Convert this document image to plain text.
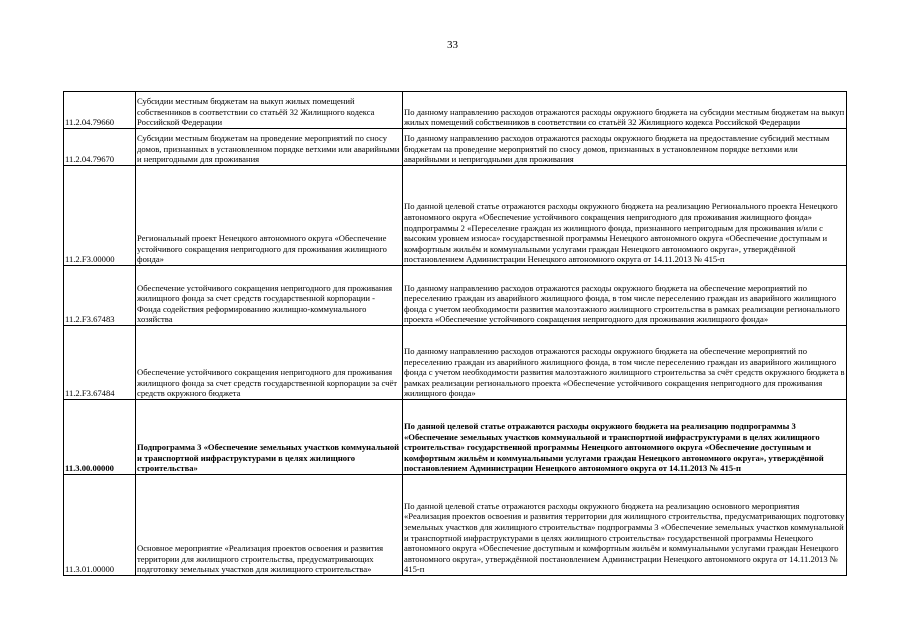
33
11.2.04.79660	Субсидии местным бюджетам на выкуп жилых помещений собственников в соответствии со статьёй 32 Жилищного кодекса Российской Федерации	По данному направлению расходов отражаются расходы окружного бюджета на субсидии местным бюджетам на выкуп жилых помещений собственников в соответствии со статьёй 32 Жилищного кодекса Российской Федерации
11.2.04.79670	Субсидии местным бюджетам на проведение мероприятий по сносу домов, признанных в установленном порядке ветхими или аварийными и непригодными для проживания	По данному направлению расходов отражаются расходы окружного бюджета на предоставление субсидий местным бюджетам на проведение мероприятий по сносу домов, признанных в установленном порядке ветхими или аварийными и непригодными для проживания
11.2.F3.00000	Региональный проект Ненецкого автономного округа «Обеспечение устойчивого сокращения непригодного для проживания жилищного фонда»	По данной целевой статье отражаются расходы окружного бюджета на реализацию Регионального проекта Ненецкого автономного округа «Обеспечение устойчивого сокращения непригодного для проживания жилищного фонда» подпрограммы 2 «Переселение граждан из жилищного фонда, признанного непригодным для проживания и/или с высоким уровнем износа» государственной программы Ненецкого автономного округа «Обеспечение доступным и комфортным жильём и коммунальными услугами граждан Ненецкого автономного округа», утверждённой постановлением Администрации Ненецкого автономного округа от 14.11.2013 № 415-п
11.2.F3.67483	Обеспечение устойчивого сокращения непригодного для проживания жилищного фонда за счет средств государственной корпорации - Фонда содействия реформированию жилищно-коммунального хозяйства	По данному направлению расходов отражаются расходы окружного бюджета на обеспечение мероприятий по переселению граждан из аварийного жилищного фонда, в том числе переселению граждан из аварийного жилищного фонда с учетом необходимости развития малоэтажного жилищного строительства в рамках реализации регионального проекта «Обеспечение устойчивого сокращения непригодного для проживания жилищного фонда»
11.2.F3.67484	Обеспечение устойчивого сокращения непригодного для проживания жилищного фонда за счет средств государственной корпорации за счёт средств окружного бюджета	По данному направлению расходов отражаются расходы окружного бюджета на обеспечение мероприятий по переселению граждан из аварийного жилищного фонда, в том числе переселению граждан из аварийного жилищного фонда с учетом необходимости развития малоэтажного жилищного строительства за счёт средств окружного бюджета в рамках реализации регионального проекта «Обеспечение устойчивого сокращения непригодного для проживания жилищного фонда»
11.3.00.00000	Подпрограмма 3 «Обеспечение земельных участков коммунальной и транспортной инфраструктурами в целях жилищного строительства»	По данной целевой статье отражаются расходы окружного бюджета на реализацию подпрограммы 3 «Обеспечение земельных участков коммунальной и транспортной инфраструктурами в целях жилищного строительства» государственной программы Ненецкого автономного округа «Обеспечение доступным и комфортным жильём и коммунальными услугами граждан Ненецкого автономного округа», утверждённой постановлением Администрации Ненецкого автономного округа от 14.11.2013 № 415-п
11.3.01.00000	Основное мероприятие «Реализация проектов освоения и развития территории для жилищного строительства, предусматривающих подготовку земельных участков для жилищного строительства»	По данной целевой статье отражаются расходы окружного бюджета на реализацию основного мероприятия «Реализация проектов освоения и развития территории для жилищного строительства, предусматривающих подготовку земельных участков для жилищного строительства» подпрограммы 3 «Обеспечение земельных участков коммунальной и транспортной инфраструктурами в целях жилищного строительства» государственной программы Ненецкого автономного округа «Обеспечение доступным и комфортным жильём и коммунальными услугами граждан Ненецкого автономного округа», утверждённой постановлением Администрации Ненецкого автономного округа от 14.11.2013 № 415-п
